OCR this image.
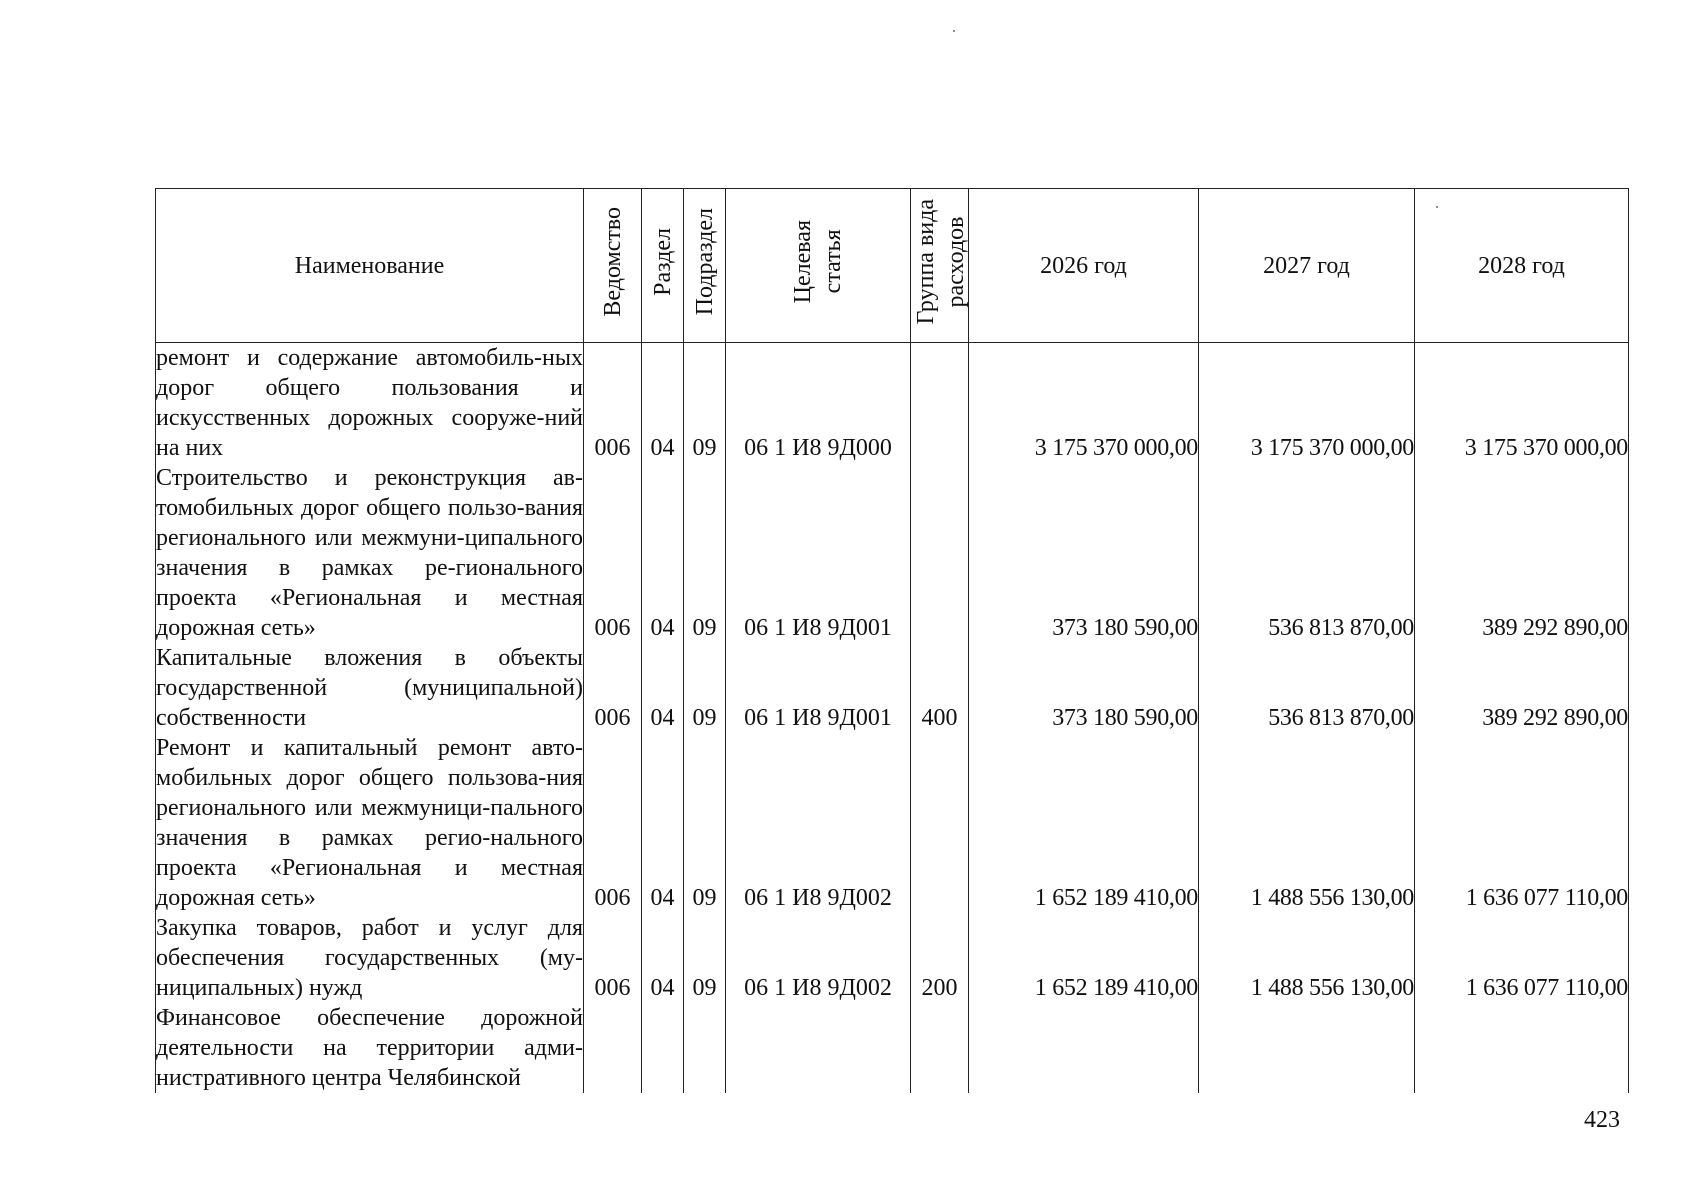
Наименование	Ведомство	Раздел	Подраздел	Целевая статья	Группа вида расходов	2026 год	2027 год	2028 год
ремонт и содержание автомобиль-ных дорог общего пользования и искусственных дорожных сооруже-ний на них	006	04	09	06 1 И8 9Д000		3 175 370 000,00	3 175 370 000,00	3 175 370 000,00
Строительство и реконструкция ав-томобильных дорог общего пользо-вания регионального или межмуни-ципального значения в рамках ре-гионального проекта «Региональная и местная дорожная сеть»	006	04	09	06 1 И8 9Д001		373 180 590,00	536 813 870,00	389 292 890,00
Капитальные вложения в объекты государственной (муниципальной) собственности	006	04	09	06 1 И8 9Д001	400	373 180 590,00	536 813 870,00	389 292 890,00
Ремонт и капитальный ремонт авто-мобильных дорог общего пользова-ния регионального или межмуници-пального значения в рамках регио-нального проекта «Региональная и местная дорожная сеть»	006	04	09	06 1 И8 9Д002		1 652 189 410,00	1 488 556 130,00	1 636 077 110,00
Закупка товаров, работ и услуг для обеспечения государственных (му-ниципальных) нужд	006	04	09	06 1 И8 9Д002	200	1 652 189 410,00	1 488 556 130,00	1 636 077 110,00
Финансовое обеспечение дорожной деятельности на территории адми-нистративного центра Челябинской								
423
